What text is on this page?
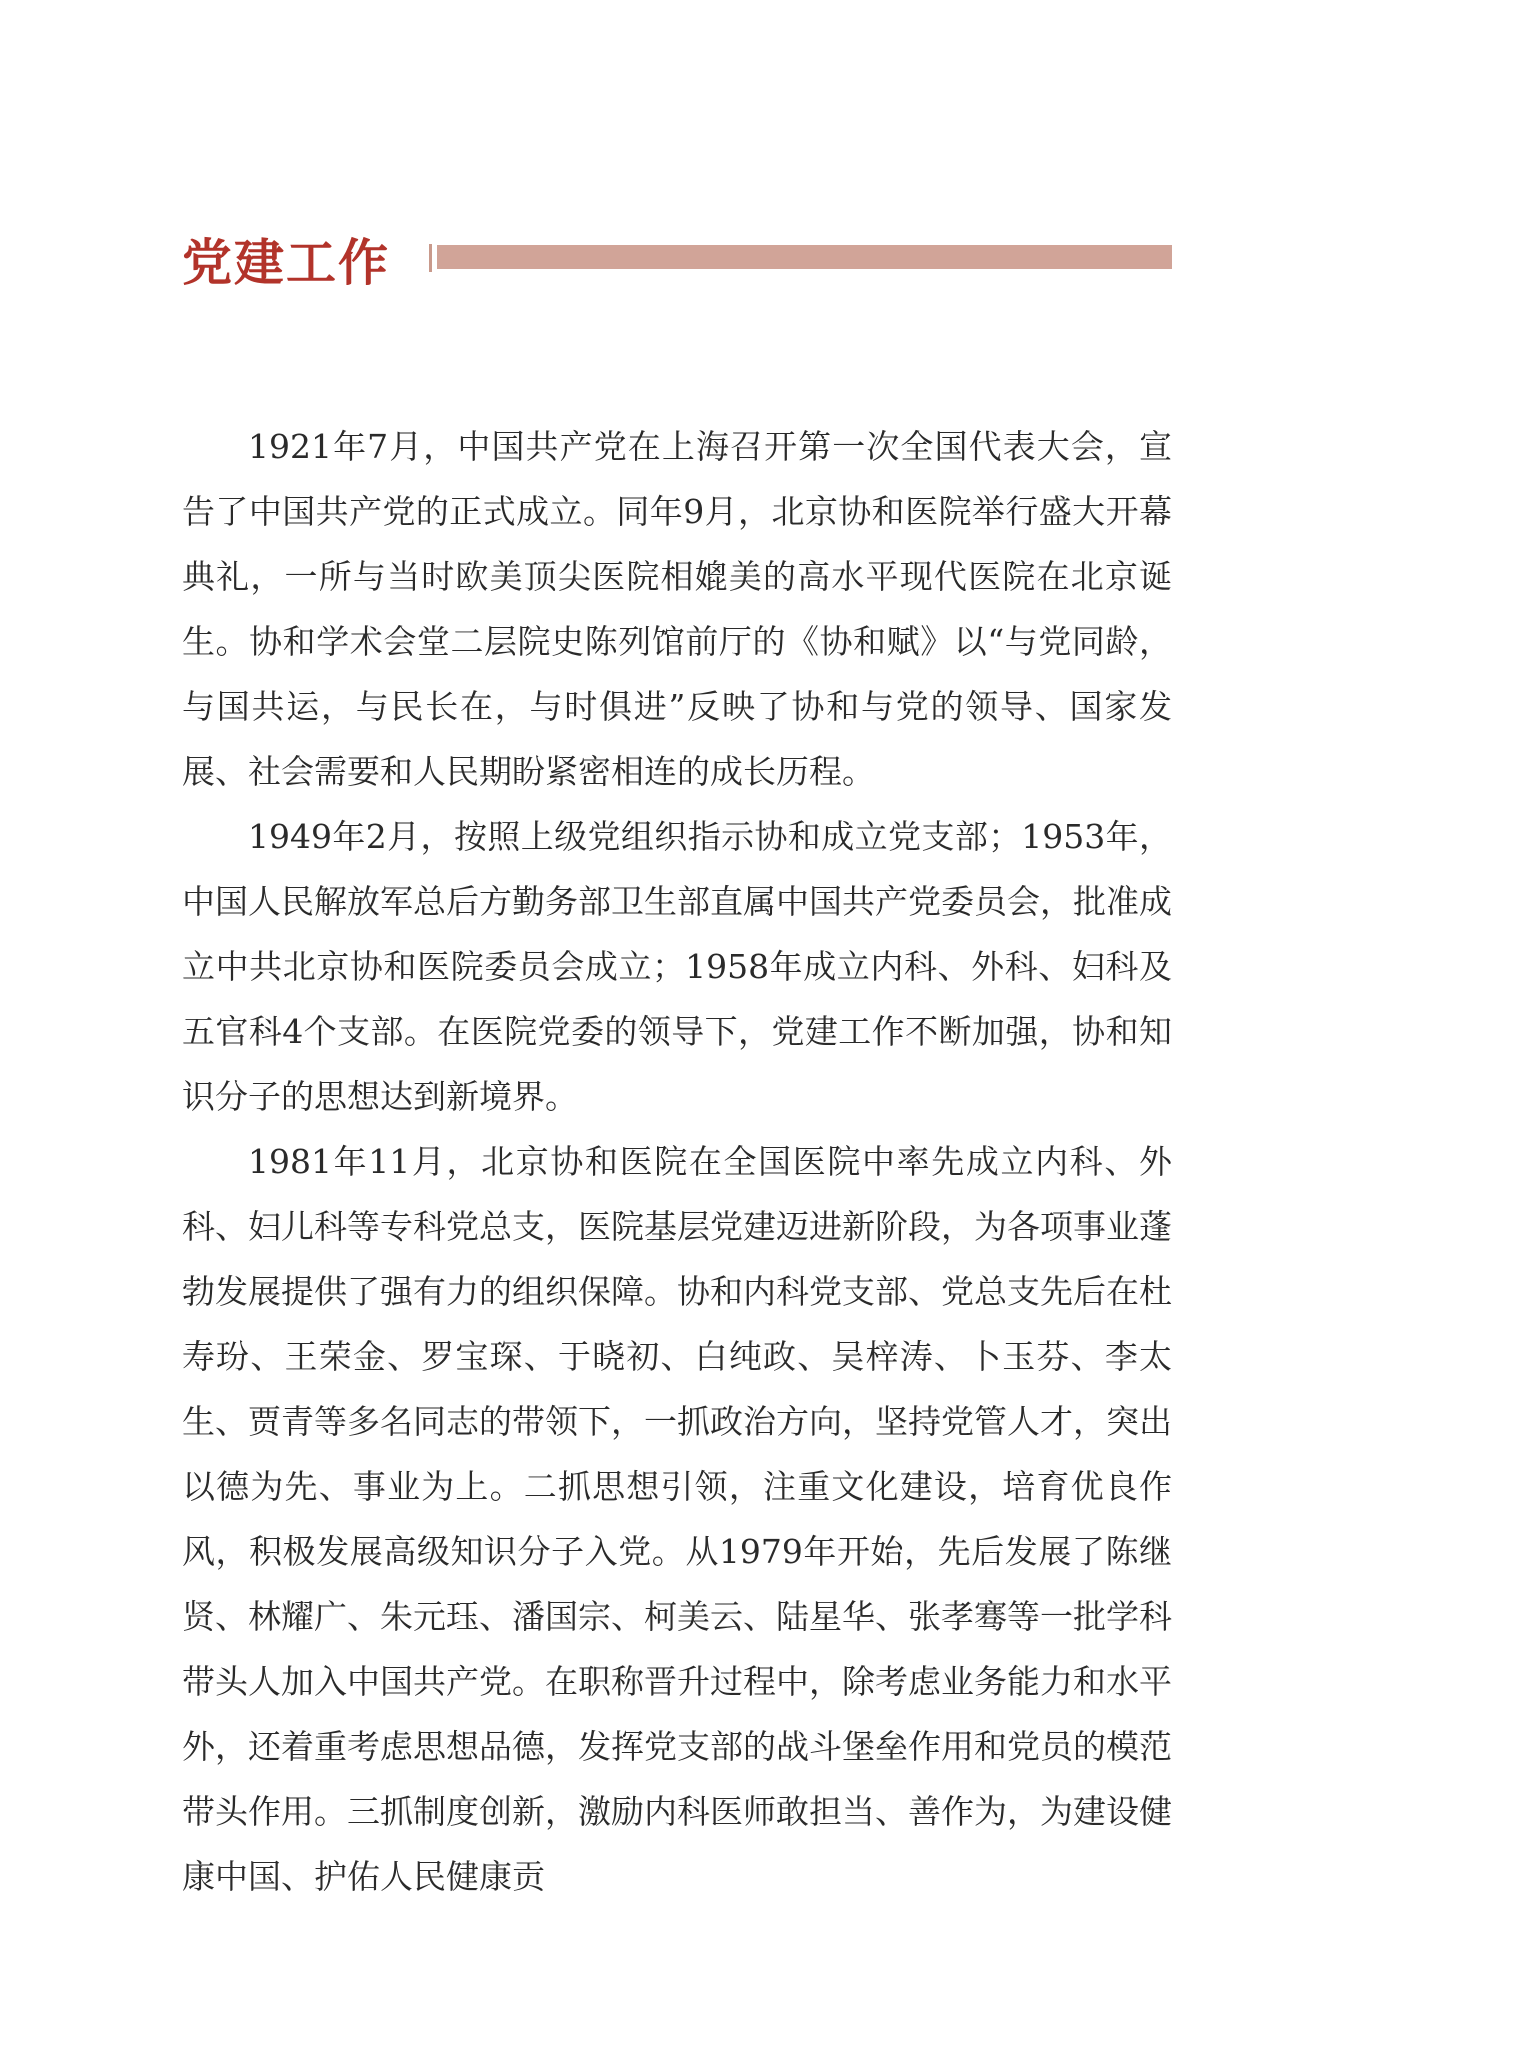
党建工作

1921年7月，中国共产党在上海召开第一次全国代表大会，宣告了中国共产党的正式成立。同年9月，北京协和医院举行盛大开幕典礼，一所与当时欧美顶尖医院相媲美的高水平现代医院在北京诞生。协和学术会堂二层院史陈列馆前厅的《协和赋》以“与党同龄，与国共运，与民长在，与时俱进”反映了协和与党的领导、国家发展、社会需要和人民期盼紧密相连的成长历程。

1949年2月，按照上级党组织指示协和成立党支部；1953年，中国人民解放军总后方勤务部卫生部直属中国共产党委员会，批准成立中共北京协和医院委员会成立；1958年成立内科、外科、妇科及五官科4个支部。在医院党委的领导下，党建工作不断加强，协和知识分子的思想达到新境界。

1981年11月，北京协和医院在全国医院中率先成立内科、外科、妇儿科等专科党总支，医院基层党建迈进新阶段，为各项事业蓬勃发展提供了强有力的组织保障。协和内科党支部、党总支先后在杜寿玢、王荣金、罗宝琛、于晓初、白纯政、吴梓涛、卜玉芬、李太生、贾青等多名同志的带领下，一抓政治方向，坚持党管人才，突出以德为先、事业为上。二抓思想引领，注重文化建设，培育优良作风，积极发展高级知识分子入党。从1979年开始，先后发展了陈继贤、林耀广、朱元珏、潘国宗、柯美云、陆星华、张孝骞等一批学科带头人加入中国共产党。在职称晋升过程中，除考虑业务能力和水平外，还着重考虑思想品德，发挥党支部的战斗堡垒作用和党员的模范带头作用。三抓制度创新，激励内科医师敢担当、善作为，为建设健康中国、护佑人民健康贡
